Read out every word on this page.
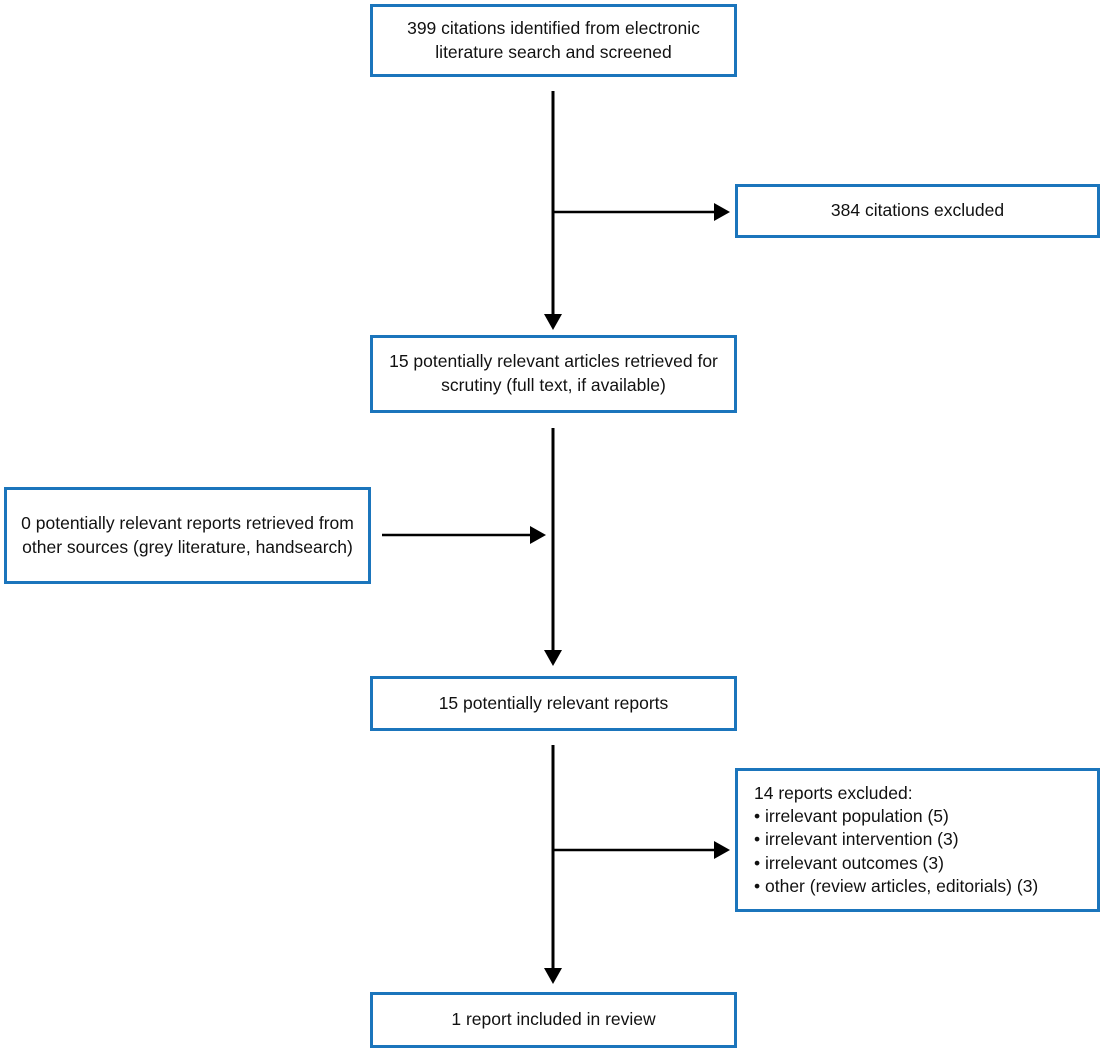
399 citations identified from electronic literature search and screened
384 citations excluded
15 potentially relevant articles retrieved for scrutiny (full text, if available)
0 potentially relevant reports retrieved from other sources (grey literature, handsearch)
15 potentially relevant reports
14 reports excluded:
• irrelevant population (5)
• irrelevant intervention (3)
• irrelevant outcomes (3)
• other (review articles, editorials) (3)
1 report included in review
